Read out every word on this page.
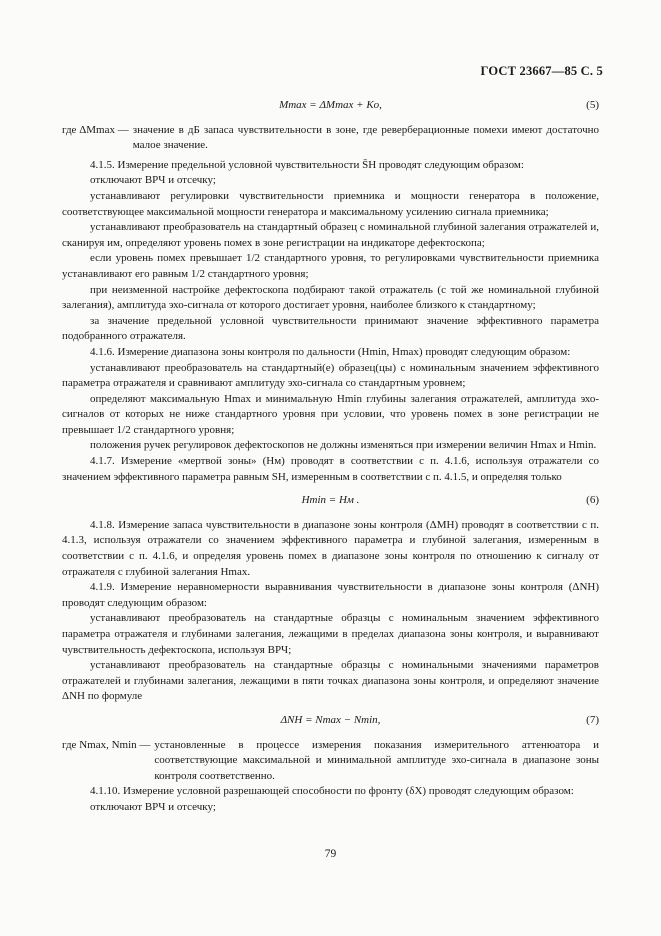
ГОСТ 23667—85 С. 5
Mmax = ΔMmax + Kо,	(5)
где ΔMmax — значение в дБ запаса чувствительности в зоне, где реверберационные помехи имеют достаточно малое значение.

4.1.5. Измерение предельной условной чувствительности S̄H проводят следующим образом:

отключают ВРЧ и отсечку;

устанавливают регулировки чувствительности приемника и мощности генератора в положение, соответствующее максимальной мощности генератора и максимальному усилению сигнала приемника;

устанавливают преобразователь на стандартный образец с номинальной глубиной залегания отражателей и, сканируя им, определяют уровень помех в зоне регистрации на индикаторе дефектоскопа;

если уровень помех превышает 1/2 стандартного уровня, то регулировками чувствительности приемника устанавливают его равным 1/2 стандартного уровня;

при неизменной настройке дефектоскопа подбирают такой отражатель (с той же номинальной глубиной залегания), амплитуда эхо-сигнала от которого достигает уровня, наиболее близкого к стандартному;

за значение предельной условной чувствительности принимают значение эффективного параметра подобранного отражателя.

4.1.6. Измерение диапазона зоны контроля по дальности (Hmin, Hmax) проводят следующим образом:

устанавливают преобразователь на стандартный(е) образец(цы) с номинальным значением эффективного параметра отражателя и сравнивают амплитуду эхо-сигнала со стандартным уровнем;

определяют максимальную Hmax и минимальную Hmin глубины залегания отражателей, амплитуда эхо-сигналов от которых не ниже стандартного уровня при условии, что уровень помех в зоне регистрации не превышает 1/2 стандартного уровня;

положения ручек регулировок дефектоскопов не должны изменяться при измерении величин Hmax и Hmin.

4.1.7. Измерение «мертвой зоны» (Hм) проводят в соответствии с п. 4.1.6, используя отражатели со значением эффективного параметра равным SH, измеренным в соответствии с п. 4.1.5, и определяя только

Hmin = Hм .	(6)

4.1.8. Измерение запаса чувствительности в диапазоне зоны контроля (ΔMH) проводят в соответствии с п. 4.1.3, используя отражатели со значением эффективного параметра и глубиной залегания, измеренным в соответствии с п. 4.1.6, и определяя уровень помех в диапазоне зоны контроля по отношению к сигналу от отражателя с глубиной залегания Hmax.

4.1.9. Измерение неравномерности выравнивания чувствительности в диапазоне зоны контроля (ΔNH) проводят следующим образом:

устанавливают преобразователь на стандартные образцы с номинальным значением эффективного параметра отражателя и глубинами залегания, лежащими в пределах диапазона зоны контроля, и выравнивают чувствительность дефектоскопа, используя ВРЧ;

устанавливают преобразователь на стандартные образцы с номинальными значениями параметров отражателей и глубинами залегания, лежащими в пяти точках диапазона зоны контроля, и определяют значение ΔNH по формуле

ΔNH = Nmax − Nmin,	(7)
где Nmax, Nmin — установленные в процессе измерения показания измерительного аттенюатора и соответствующие максимальной и минимальной амплитуде эхо-сигнала в диапазоне зоны контроля соответственно.

4.1.10. Измерение условной разрешающей способности по фронту (δX) проводят следующим образом:

отключают ВРЧ и отсечку;

79
